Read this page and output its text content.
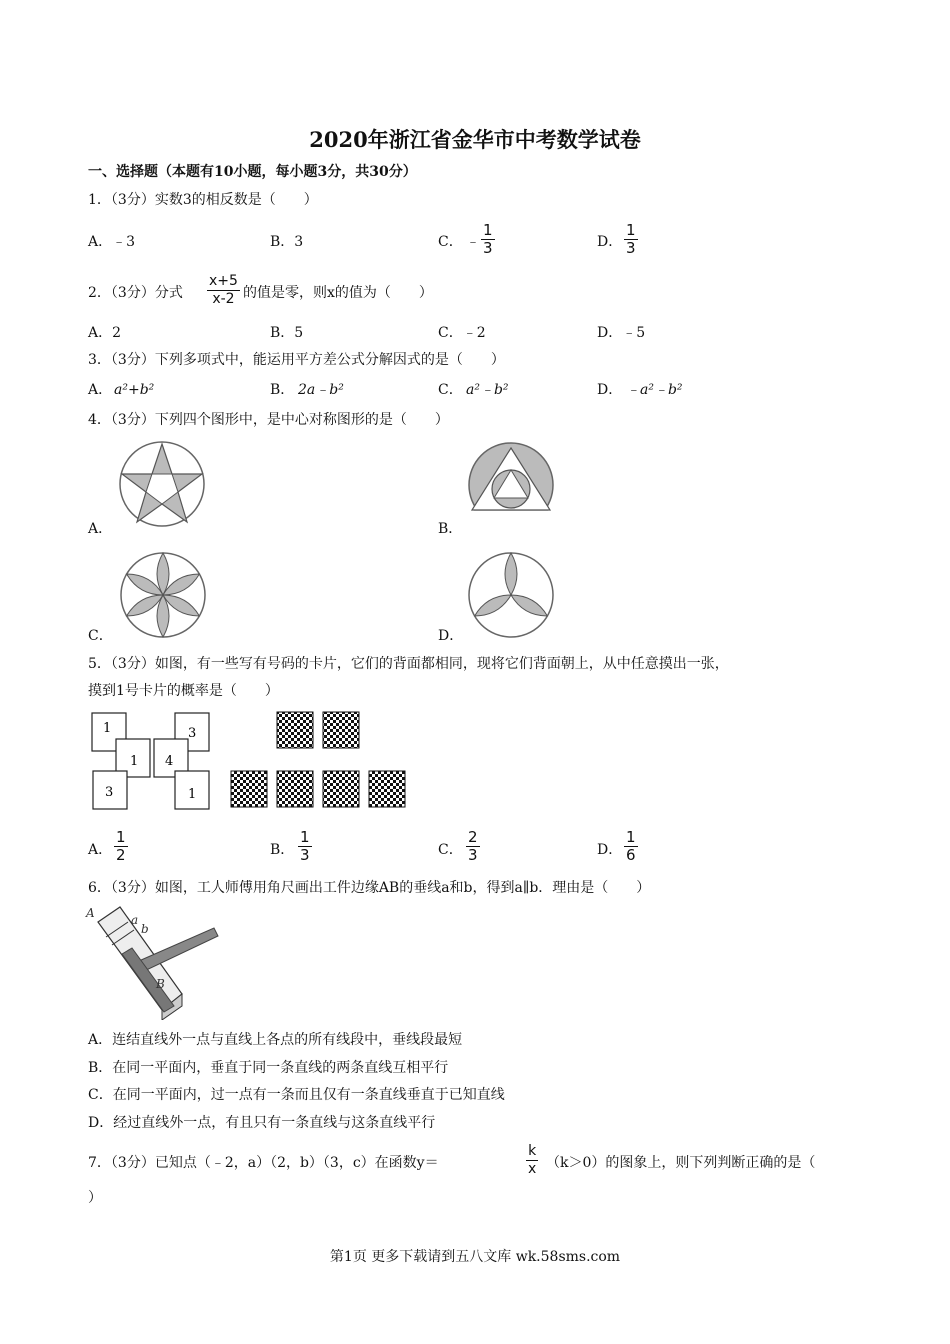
2020年浙江省金华市中考数学试卷
一、选择题（本题有10小题，每小题3分，共30分）
1．（3分）实数3的相反数是（　　）
A．﹣3	B．3	C． ﹣ $\frac{1}{3}$	D． $\frac{1}{3}$
2．（3分）分式 $\frac{x+5}{x-2}$ 的值是零，则x的值为（　　）
A．2	B．5	C．﹣2	D．﹣5
3．（3分）下列多项式中，能运用平方差公式分解因式的是（　　）
A． a²+b²	B． 2a﹣b²	C． a²﹣b²	D． ﹣a²﹣b²
4．（3分）下列四个图形中，是中心对称图形的是（　　）
A．	B．
C．	D．
5．（3分）如图，有一些写有号码的卡片，它们的背面都相同，现将它们背面朝上，从中任意摸出一张，
摸到1号卡片的概率是（　　）
1	3
1 4
3	1
A． $\frac{1}{2}$	B． $\frac{1}{3}$	C． $\frac{2}{3}$	D． $\frac{1}{6}$
6．（3分）如图，工人师傅用角尺画出工件边缘AB的垂线a和b，得到a∥b．理由是（　　）
A	a
b
B
A．连结直线外一点与直线上各点的所有线段中，垂线段最短
B．在同一平面内，垂直于同一条直线的两条直线互相平行
C．在同一平面内，过一点有一条而且仅有一条直线垂直于已知直线
D．经过直线外一点，有且只有一条直线与这条直线平行
7．（3分）已知点（﹣2，a）（2，b）（3，c）在函数y＝	$\frac{k}{x} (k>0)$的图象上，则下列判断正确的是（
）
第1页 更多下载请到五八文库 wk.58sms.com
